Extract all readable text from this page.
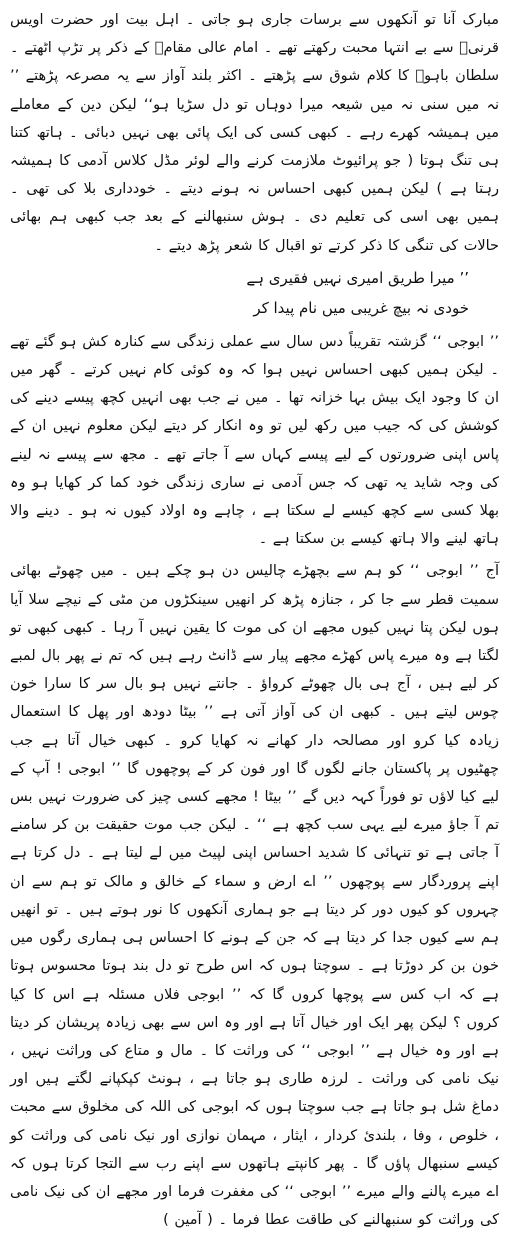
مبارک آنا تو آنکھوں سے برسات جاری ہو جاتی ۔ اہل بیت اور حضرت اویس قرنیؓ سے بے انتہا محبت رکھتے تھے ۔ امام عالی مقامؓ کے ذکر پر تڑپ اٹھتے ۔ سلطان باہوؒ کا کلام شوق سے پڑھتے ۔ اکثر بلند آواز سے یہ مصرعہ پڑھتے ’’ نہ میں سنی نہ میں شیعہ میرا دوہاں تو دل سڑیا ہو‘‘ لیکن دین کے معاملے میں ہمیشہ کھرے رہے ۔ کبھی کسی کی ایک پائی بھی نہیں دبائی ۔ ہاتھ کتنا ہی تنگ ہوتا ( جو پرائیوٹ ملازمت کرنے والے لوئر مڈل کلاس آدمی کا ہمیشہ رہتا ہے ) لیکن ہمیں کبھی احساس نہ ہونے دیتے ۔ خودداری بلا کی تھی ۔ ہمیں بھی اسی کی تعلیم دی ۔ ہوش سنبھالنے کے بعد جب کبھی ہم بھائی حالات کی تنگی کا ذکر کرتے تو اقبال کا شعر پڑھ دیتے ۔

’’ میرا طریق امیری نہیں فقیری ہے
خودی نہ بیچ غریبی میں نام پیدا کر

’’ ابوجی ‘‘ گزشتہ تقریباً دس سال سے عملی زندگی سے کنارہ کش ہو گئے تھے ۔ لیکن ہمیں کبھی احساس نہیں ہوا کہ وہ کوئی کام نہیں کرتے ۔ گھر میں ان کا وجود ایک بیش بہا خزانہ تھا ۔ میں نے جب بھی انہیں کچھ پیسے دینے کی کوشش کی کہ جیب میں رکھ لیں تو وہ انکار کر دیتے لیکن معلوم نہیں ان کے پاس اپنی ضرورتوں کے لیے پیسے کہاں سے آ جاتے تھے ۔ مجھ سے پیسے نہ لینے کی وجہ شاید یہ تھی کہ جس آدمی نے ساری زندگی خود کما کر کھایا ہو وہ بھلا کسی سے کچھ کیسے لے سکتا ہے ، چاہے وہ اولاد کیوں نہ ہو ۔ دینے والا ہاتھ لینے والا ہاتھ کیسے بن سکتا ہے ۔

آج ’’ ابوجی ‘‘ کو ہم سے بچھڑے چالیس دن ہو چکے ہیں ۔ میں چھوٹے بھائی سمیت قطر سے جا کر ، جنازہ پڑھ کر انھیں سینکڑوں من مٹی کے نیچے سلا آیا ہوں لیکن پتا نہیں کیوں مجھے ان کی موت کا یقین نہیں آ رہا ۔ کبھی کبھی تو لگتا ہے وہ میرے پاس کھڑے مجھے پیار سے ڈانٹ رہے ہیں کہ تم نے پھر بال لمبے کر لیے ہیں ، آج ہی بال چھوٹے کرواؤ ۔ جانتے نہیں ہو بال سر کا سارا خون چوس لیتے ہیں ۔ کبھی ان کی آواز آتی ہے ’’ بیٹا دودھ اور پھل کا استعمال زیادہ کیا کرو اور مصالحہ دار کھانے نہ کھایا کرو ۔ کبھی خیال آتا ہے جب چھٹیوں پر پاکستان جانے لگوں گا اور فون کر کے پوچھوں گا ’’ ابوجی ! آپ کے لیے کیا لاؤں تو فوراً کہہ دیں گے ’’ بیٹا ! مجھے کسی چیز کی ضرورت نہیں بس تم آ جاؤ میرے لیے یہی سب کچھ ہے ‘‘ ۔ لیکن جب موت حقیقت بن کر سامنے آ جاتی ہے تو تنہائی کا شدید احساس اپنی لپیٹ میں لے لیتا ہے ۔ دل کرتا ہے اپنے پروردگار سے پوچھوں ’’ اے ارض و سماء کے خالق و مالک تو ہم سے ان چہروں کو کیوں دور کر دیتا ہے جو ہماری آنکھوں کا نور ہوتے ہیں ۔ تو انھیں ہم سے کیوں جدا کر دیتا ہے کہ جن کے ہونے کا احساس ہی ہماری رگوں میں خون بن کر دوڑتا ہے ۔ سوچتا ہوں کہ اس طرح تو دل بند ہوتا محسوس ہوتا ہے کہ اب کس سے پوچھا کروں گا کہ ’’ ابوجی فلاں مسئلہ ہے اس کا کیا کروں ؟ لیکن پھر ایک اور خیال آتا ہے اور وہ اس سے بھی زیادہ پریشان کر دیتا ہے اور وہ خیال ہے ’’ ابوجی ‘‘ کی وراثت کا ۔ مال و متاع کی وراثت نہیں ، نیک نامی کی وراثت ۔ لرزہ طاری ہو جاتا ہے ، ہونٹ کپکپانے لگتے ہیں اور دماغ شل ہو جاتا ہے جب سوچتا ہوں کہ ابوجی کی اللہ کی مخلوق سے محبت ، خلوص ، وفا ، بلندیٔ کردار ، ایثار ، مہمان نوازی اور نیک نامی کی وراثت کو کیسے سنبھال پاؤں گا ۔ پھر کانپتے ہاتھوں سے اپنے رب سے التجا کرتا ہوں کہ اے میرے پالنے والے میرے ’’ ابوجی ‘‘ کی مغفرت فرما اور مجھے ان کی نیک نامی کی وراثت کو سنبھالنے کی طاقت عطا فرما ۔ ( آمین )
